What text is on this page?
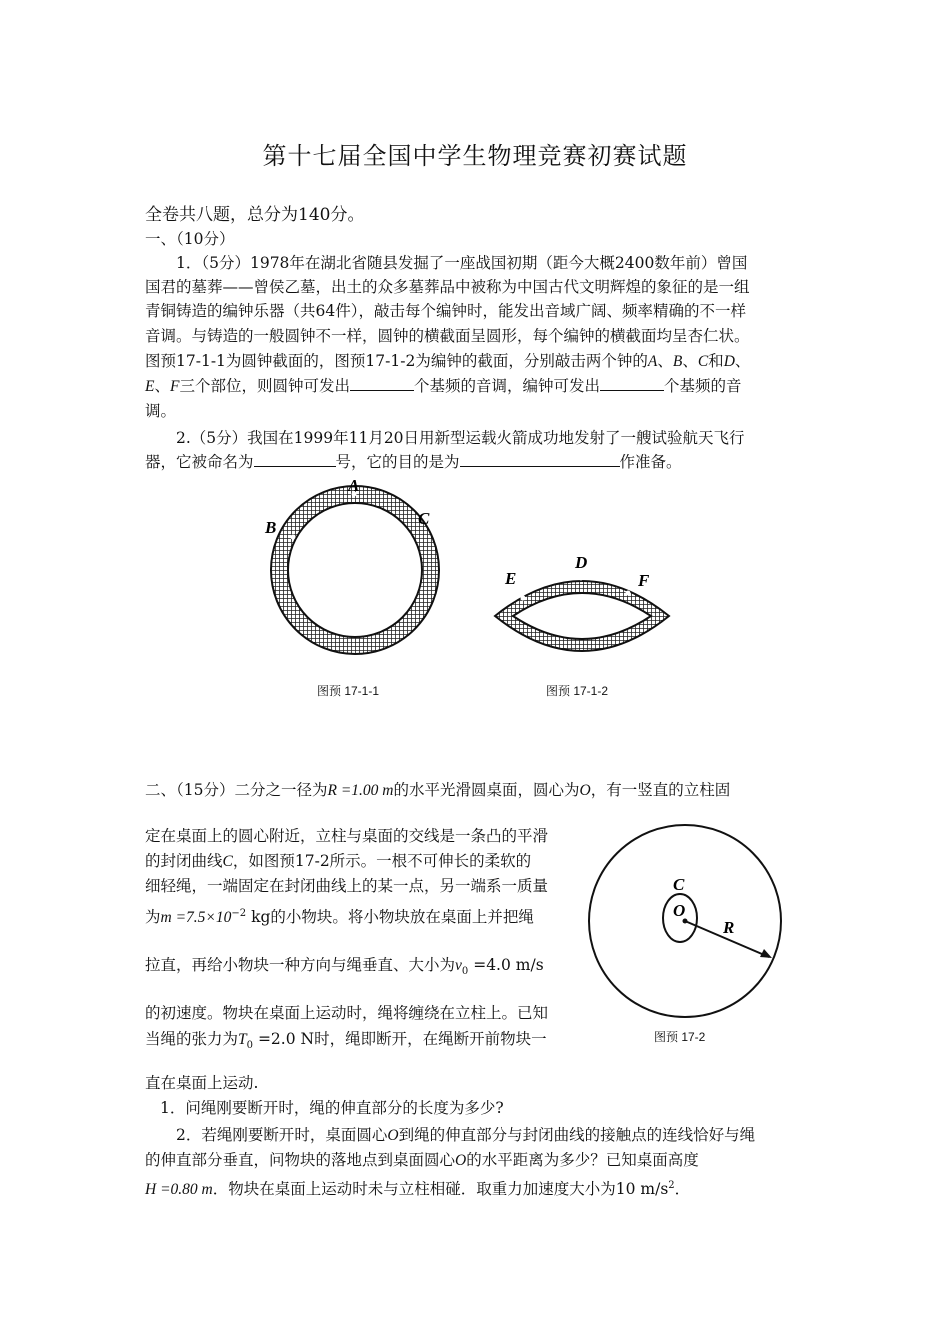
第十七届全国中学生物理竞赛初赛试题
全卷共八题，总分为140分。
一、（10分）
1．（5分）1978年在湖北省随县发掘了一座战国初期（距今大概2400数年前）曾国
国君的墓葬——曾侯乙墓，出土的众多墓葬品中被称为中国古代文明辉煌的象征的是一组
青铜铸造的编钟乐器（共64件），敲击每个编钟时，能发出音域广阔、频率精确的不一样
音调。与铸造的一般圆钟不一样，圆钟的横截面呈圆形，每个编钟的横截面均呈杏仁状。
图预17-1-1为圆钟截面的，图预17-1-2为编钟的截面，分别敲击两个钟的A、B、C和D、
E、F三个部位，则圆钟可发出	个基频的音调，编钟可发出	个基频的音
调。
2.（5分）我国在1999年11月20日用新型运载火箭成功地发射了一艘试验航天飞行
器，它被命名为	号，它的目的是为	作准备。
A
B	C
图预 17-1-1
D
E	F
图预 17-1-2
二、（15分）二分之一径为R =1.00 m的水平光滑圆桌面，圆心为O，有一竖直的立柱固
定在桌面上的圆心附近，立柱与桌面的交线是一条凸的平滑
的封闭曲线C，如图预17-2所示。一根不可伸长的柔软的
细轻绳，一端固定在封闭曲线上的某一点，另一端系一质量
为$m =7.5\times 10^{-2}$ kg的小物块。将小物块放在桌面上并把绳
拉直，再给小物块一种方向与绳垂直、大小为$v_0 =4.0$ m/s
的初速度。物块在桌面上运动时，绳将缠绕在立柱上。已知
当绳的张力为$T_0 =2.0$ N时，绳即断开，在绳断开前物块一
直在桌面上运动.
1．问绳刚要断开时，绳的伸直部分的长度为多少?
2．若绳刚要断开时，桌面圆心O到绳的伸直部分与封闭曲线的接触点的连线恰好与绳
的伸直部分垂直，问物块的落地点到桌面圆心O的水平距离为多少？已知桌面高度
H =0.80 m．物块在桌面上运动时未与立柱相碰．取重力加速度大小为10 $m/s^2$．
C
O
R
图预 17-2
